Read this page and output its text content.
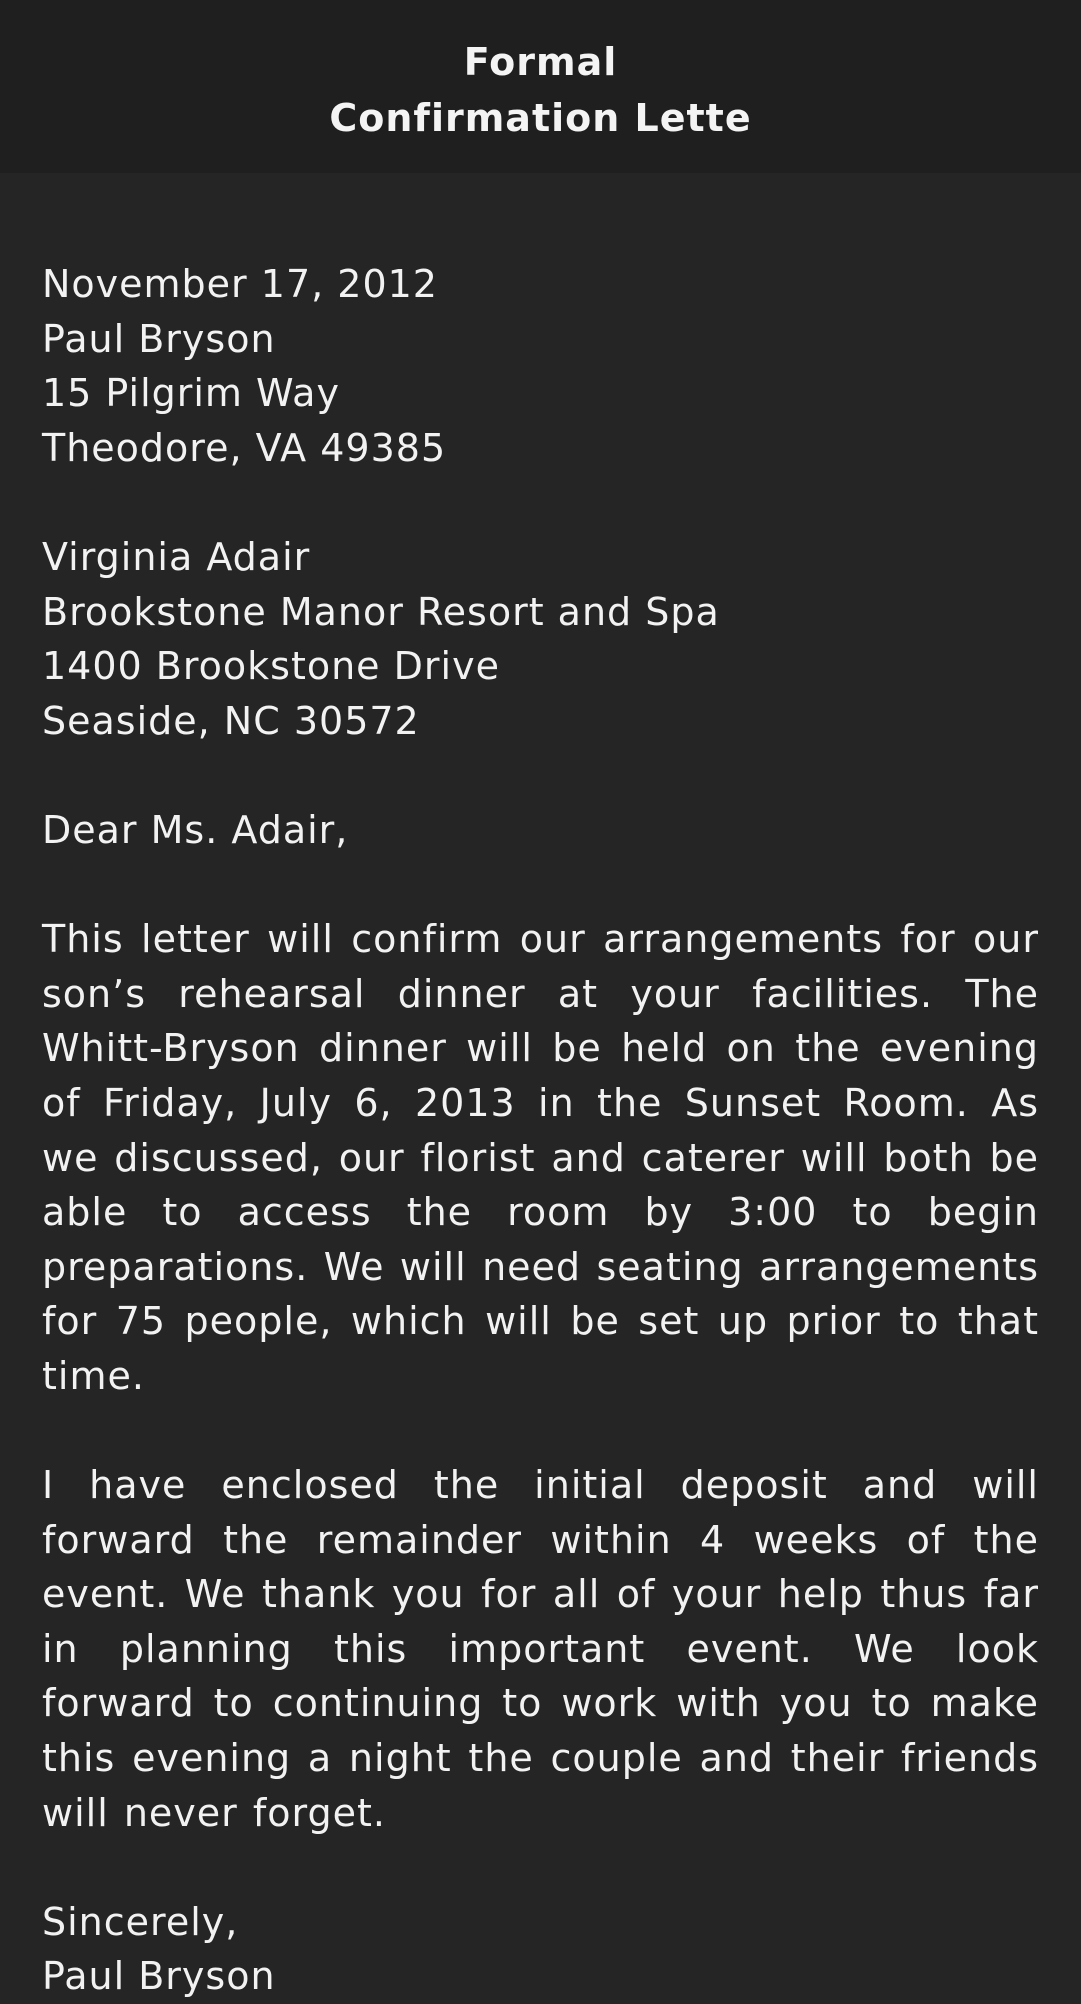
Formal
Confirmation Lette
November 17, 2012
Paul Bryson
15 Pilgrim Way
Theodore, VA 49385
Virginia Adair
Brookstone Manor Resort and Spa
1400 Brookstone Drive
Seaside, NC 30572
Dear Ms. Adair,
This letter will confirm our arrangements for our son’s rehearsal dinner at your facilities. The Whitt-Bryson dinner will be held on the evening of Friday, July 6, 2013 in the Sunset Room. As we discussed, our florist and caterer will both be able to access the room by 3:00 to begin preparations. We will need seating arrangements for 75 people, which will be set up prior to that time.
I have enclosed the initial deposit and will forward the remainder within 4 weeks of the event. We thank you for all of your help thus far in planning this important event. We look forward to continuing to work with you to make this evening a night the couple and their friends will never forget.
Sincerely,
Paul Bryson
